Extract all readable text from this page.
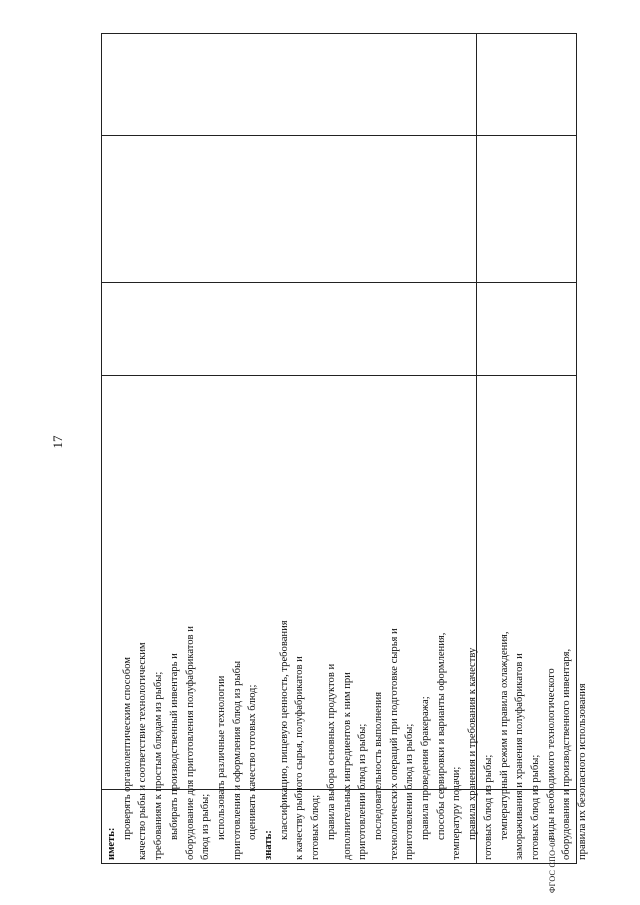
17
иметь:
проверять органолептическим способом качество рыбы и соответствие технологическим требованиям к простым блюдам из рыбы; выбирать производственный инвентарь и оборудование для приготовления полуфабрикатов и блюд из рыбы; использовать различные технологии приготовления и оформления блюд из рыбы оценивать качество готовых блюд;
знать:
классификацию, пищевую ценность, требования к качеству рыбного сырья, полуфабрикатов и готовых блюд; правила выбора основных продуктов и дополнительных ингредиентов к ним при приготовлении блюд из рыбы; последовательность выполнения технологических операций при подготовке сырья и приготовлении блюд из рыбы; правила проведения бракеража; способы сервировки и варианты оформления, температуру подачи; правила хранения и требования к качеству готовых блюд из рыбы; температурный режим и правила охлаждения, замораживания и хранения полуфабрикатов и готовых блюд из рыбы; виды необходимого технологического оборудования и производственного инвентаря, правила их безопасного использования
ФГОС СПО-06
